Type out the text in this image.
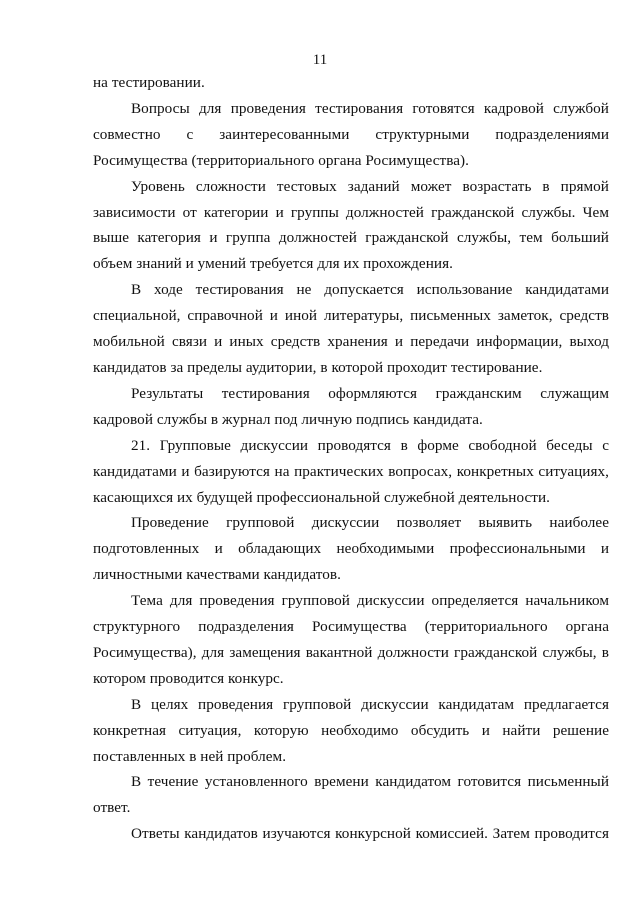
11

на тестировании.

Вопросы для проведения тестирования готовятся кадровой службой совместно с заинтересованными структурными подразделениями Росимущества (территориального органа Росимущества).

Уровень сложности тестовых заданий может возрастать в прямой зависимости от категории и группы должностей гражданской службы. Чем выше категория и группа должностей гражданской службы, тем больший объем знаний и умений требуется для их прохождения.

В ходе тестирования не допускается использование кандидатами специальной, справочной и иной литературы, письменных заметок, средств мобильной связи и иных средств хранения и передачи информации, выход кандидатов за пределы аудитории, в которой проходит тестирование.

Результаты тестирования оформляются гражданским служащим кадровой службы в журнал под личную подпись кандидата.

21. Групповые дискуссии проводятся в форме свободной беседы с кандидатами и базируются на практических вопросах, конкретных ситуациях, касающихся их будущей профессиональной служебной деятельности.

Проведение групповой дискуссии позволяет выявить наиболее подготовленных и обладающих необходимыми профессиональными и личностными качествами кандидатов.

Тема для проведения групповой дискуссии определяется начальником структурного подразделения Росимущества (территориального органа Росимущества), для замещения вакантной должности гражданской службы, в котором проводится конкурс.

В целях проведения групповой дискуссии кандидатам предлагается конкретная ситуация, которую необходимо обсудить и найти решение поставленных в ней проблем.

В течение установленного времени кандидатом готовится письменный ответ.

Ответы кандидатов изучаются конкурсной комиссией. Затем проводится
